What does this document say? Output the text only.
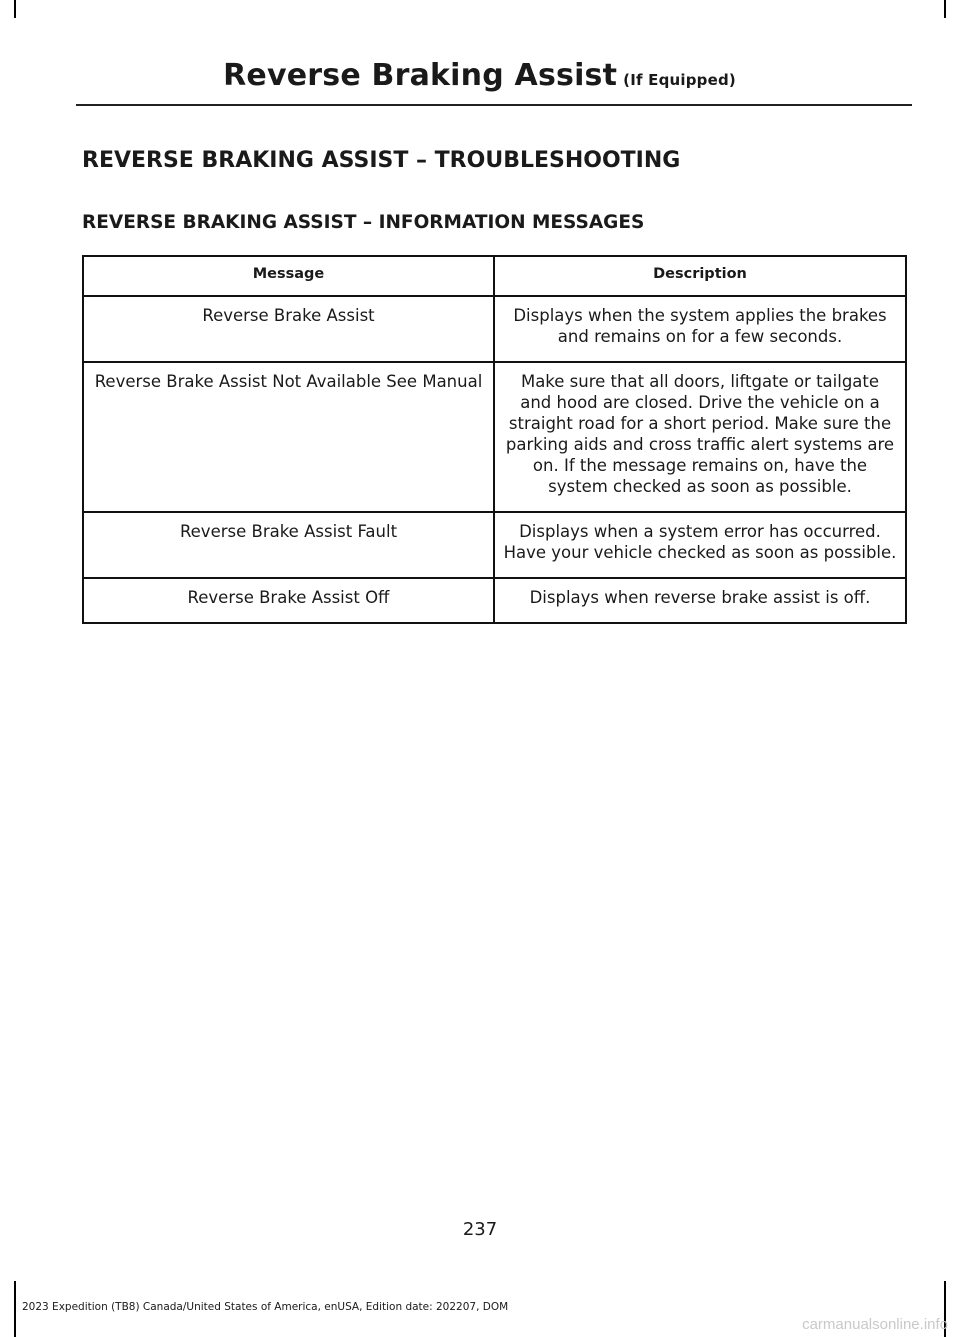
Reverse Braking Assist (If Equipped)
REVERSE BRAKING ASSIST – TROUBLESHOOTING
REVERSE BRAKING ASSIST – INFORMATION MESSAGES
Message	Description
Reverse Brake Assist	Displays when the system applies the brakes and remains on for a few seconds.
Reverse Brake Assist Not Available See Manual	Make sure that all doors, liftgate or tailgate and hood are closed. Drive the vehicle on a straight road for a short period. Make sure the parking aids and cross traffic alert systems are on. If the message remains on, have the system checked as soon as possible.
Reverse Brake Assist Fault	Displays when a system error has occurred. Have your vehicle checked as soon as possible.
Reverse Brake Assist Off	Displays when reverse brake assist is off.
237
2023 Expedition (TB8) Canada/United States of America, enUSA, Edition date: 202207, DOM
carmanualsonline.info
